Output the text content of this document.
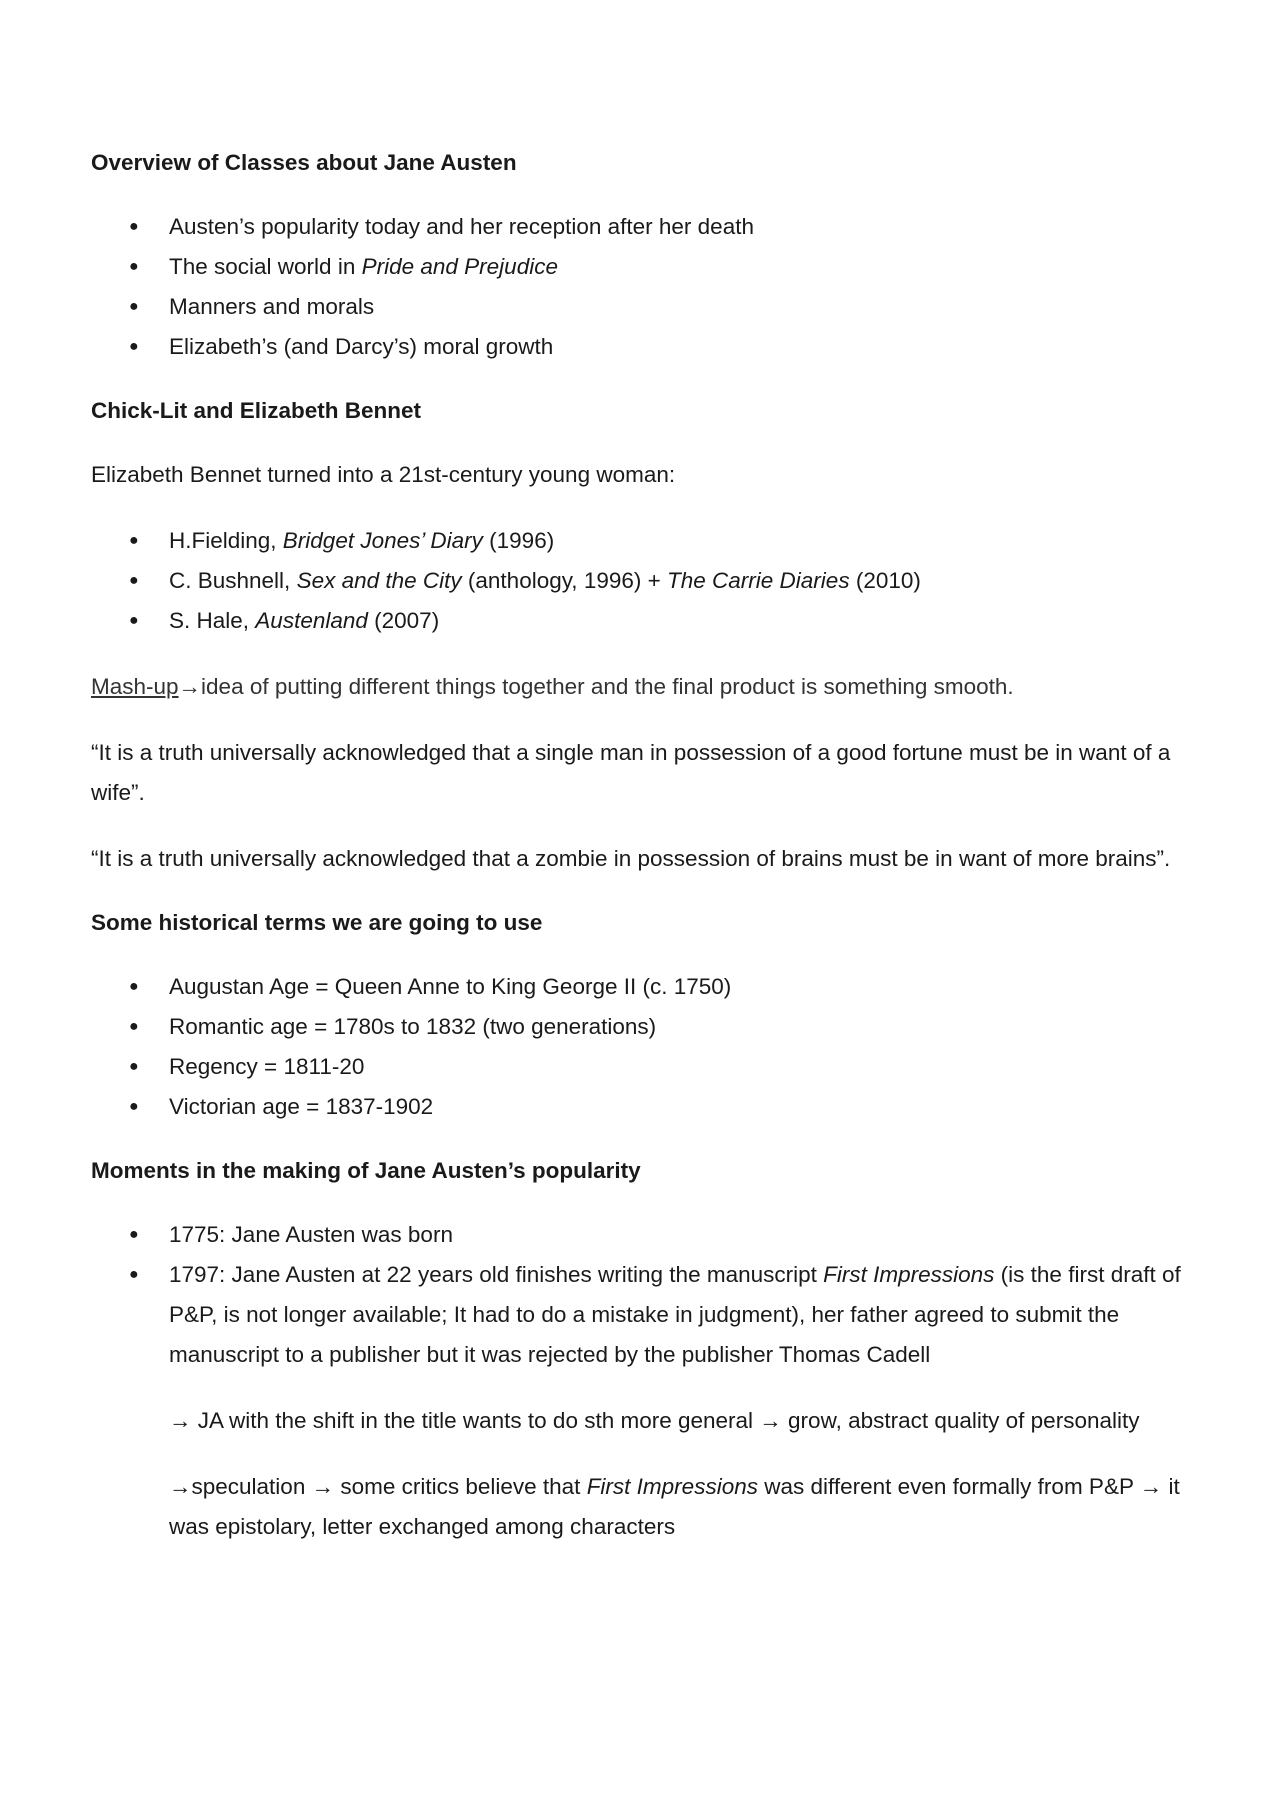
Overview of Classes about Jane Austen
● Austen’s popularity today and her reception after her death
● The social world in Pride and Prejudice
● Manners and morals
● Elizabeth’s (and Darcy’s) moral growth
Chick-Lit and Elizabeth Bennet

Elizabeth Bennet turned into a 21st-century young woman:

● H.Fielding, Bridget Jones’ Diary (1996)
● C. Bushnell, Sex and the City (anthology, 1996) + The Carrie Diaries (2010)
● S. Hale, Austenland (2007)

Mash-up→idea of putting different things together and the final product is something smooth.

“It is a truth universally acknowledged that a single man in possession of a good fortune must be in want of a wife”.

“It is a truth universally acknowledged that a zombie in possession of brains must be in want of more brains”.

Some historical terms we are going to use
● Augustan Age = Queen Anne to King George II (c. 1750)
● Romantic age = 1780s to 1832 (two generations)
● Regency = 1811-20
● Victorian age = 1837-1902
Moments in the making of Jane Austen’s popularity
● 1775: Jane Austen was born
● 1797: Jane Austen at 22 years old finishes writing the manuscript First Impressions (is the first draft of P&P, is not longer available; It had to do a mistake in judgment), her father agreed to submit the manuscript to a publisher but it was rejected by the publisher Thomas Cadell

→ JA with the shift in the title wants to do sth more general → grow, abstract quality of personality

→speculation → some critics believe that First Impressions was different even formally from P&P → it was epistolary, letter exchanged among characters
